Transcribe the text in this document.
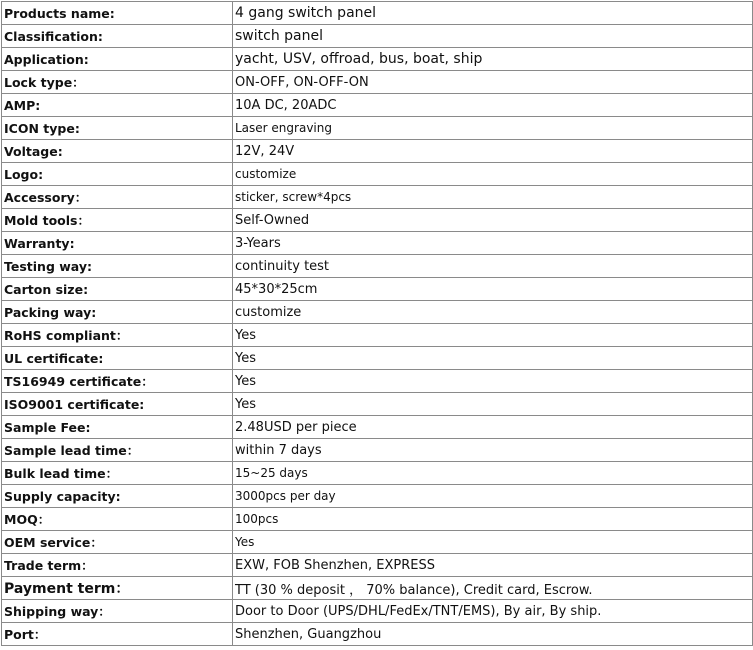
Products name:	4 gang switch panel
Classification:	switch panel
Application:	yacht, USV, offroad, bus, boat, ship
Lock type：	ON-OFF, ON-OFF-ON
AMP:	10A DC, 20ADC
ICON type:	Laser engraving
Voltage:	12V, 24V
Logo:	customize
Accessory：	sticker, screw*4pcs
Mold tools：	Self-Owned
Warranty:	3-Years
Testing way:	continuity test
Carton size:	45*30*25cm
Packing way:	customize
RoHS compliant：	Yes
UL certificate:	Yes
TS16949 certificate：	Yes
ISO9001 certificate:	Yes
Sample Fee:	2.48USD per piece
Sample lead time：	within 7 days
Bulk lead time：	15~25 days
Supply capacity:	3000pcs per day
MOQ：	100pcs
OEM service：	Yes
Trade term：	EXW, FOB Shenzhen, EXPRESS
Payment term：	TT (30 % deposit ， 70% balance), Credit card, Escrow.
Shipping way：	Door to Door (UPS/DHL/FedEx/TNT/EMS), By air, By ship.
Port：	Shenzhen, Guangzhou
